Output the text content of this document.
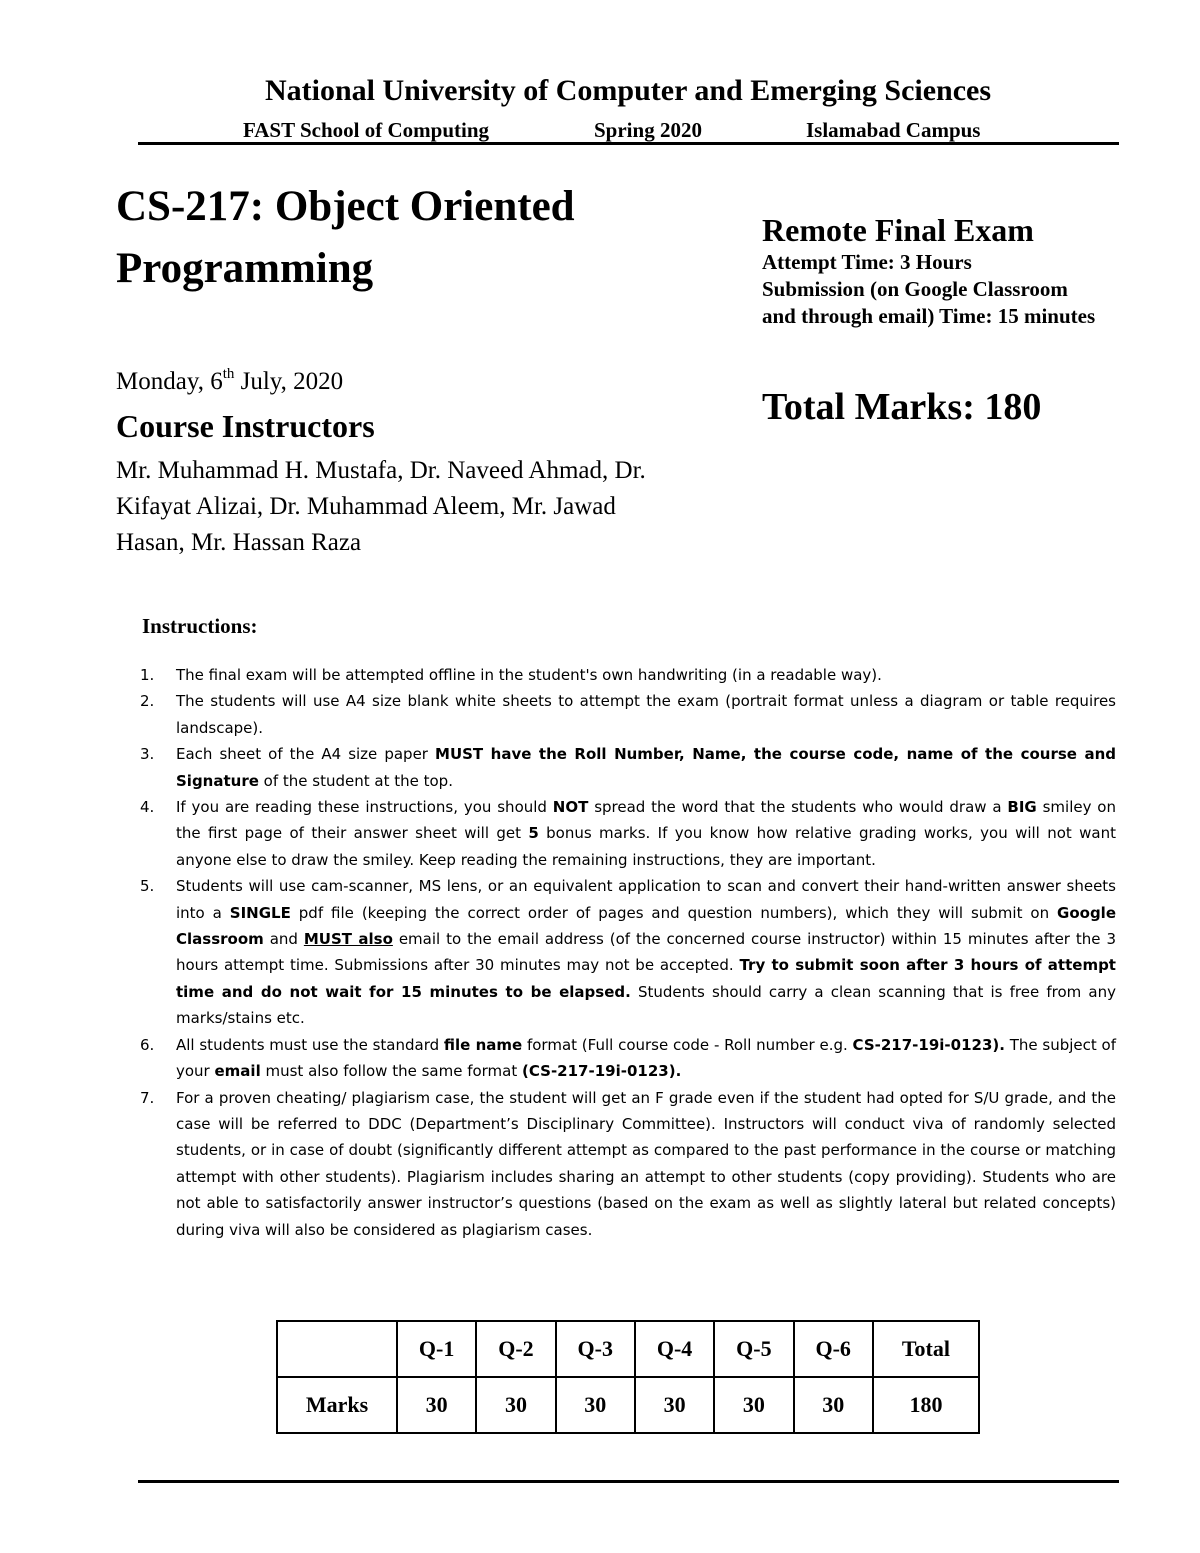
National University of Computer and Emerging Sciences
FAST School of Computing	Spring 2020	Islamabad Campus
CS-217: Object Oriented Programming
Monday, 6th July, 2020
Course Instructors
Mr. Muhammad H. Mustafa, Dr. Naveed Ahmad, Dr. Kifayat Alizai, Dr. Muhammad Aleem, Mr. Jawad Hasan, Mr. Hassan Raza
Remote Final Exam
Attempt Time: 3 Hours
Submission (on Google Classroom and through email) Time: 15 minutes
Total Marks: 180
Instructions:
1. The final exam will be attempted offline in the student's own handwriting (in a readable way).
2. The students will use A4 size blank white sheets to attempt the exam (portrait format unless a diagram or table requires landscape).
3. Each sheet of the A4 size paper MUST have the Roll Number, Name, the course code, name of the course and Signature of the student at the top.
4. If you are reading these instructions, you should NOT spread the word that the students who would draw a BIG smiley on the first page of their answer sheet will get 5 bonus marks. If you know how relative grading works, you will not want anyone else to draw the smiley. Keep reading the remaining instructions, they are important.
5. Students will use cam-scanner, MS lens, or an equivalent application to scan and convert their hand-written answer sheets into a SINGLE pdf file (keeping the correct order of pages and question numbers), which they will submit on Google Classroom and MUST also email to the email address (of the concerned course instructor) within 15 minutes after the 3 hours attempt time. Submissions after 30 minutes may not be accepted. Try to submit soon after 3 hours of attempt time and do not wait for 15 minutes to be elapsed. Students should carry a clean scanning that is free from any marks/stains etc.
6. All students must use the standard file name format (Full course code - Roll number e.g. CS-217-19i-0123). The subject of your email must also follow the same format (CS-217-19i-0123).
7. For a proven cheating/ plagiarism case, the student will get an F grade even if the student had opted for S/U grade, and the case will be referred to DDC (Department’s Disciplinary Committee). Instructors will conduct viva of randomly selected students, or in case of doubt (significantly different attempt as compared to the past performance in the course or matching attempt with other students). Plagiarism includes sharing an attempt to other students (copy providing). Students who are not able to satisfactorily answer instructor’s questions (based on the exam as well as slightly lateral but related concepts) during viva will also be considered as plagiarism cases.
	Q-1	Q-2	Q-3	Q-4	Q-5	Q-6	Total
Marks	30	30	30	30	30	30	180
